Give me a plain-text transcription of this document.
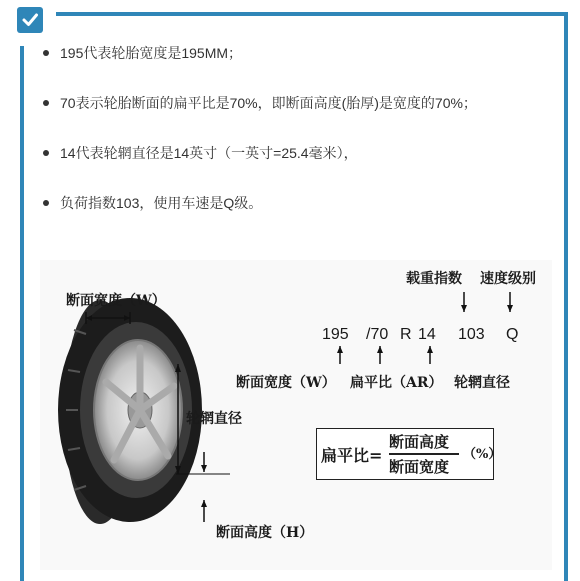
195代表轮胎宽度是195MM；
70表示轮胎断面的扁平比是70%，即断面高度(胎厚)是宽度的70%；
14代表轮辋直径是14英寸（一英寸=25.4毫米），
负荷指数103，使用车速是Q级。
断面宽度（W）
轮辋直径
断面高度（H）
载重指数 速度级别
195 /70 R 14 103 Q
断面宽度（W） 扁平比（AR） 轮辋直径
扁平比=
断面高度
断面宽度
（%）
